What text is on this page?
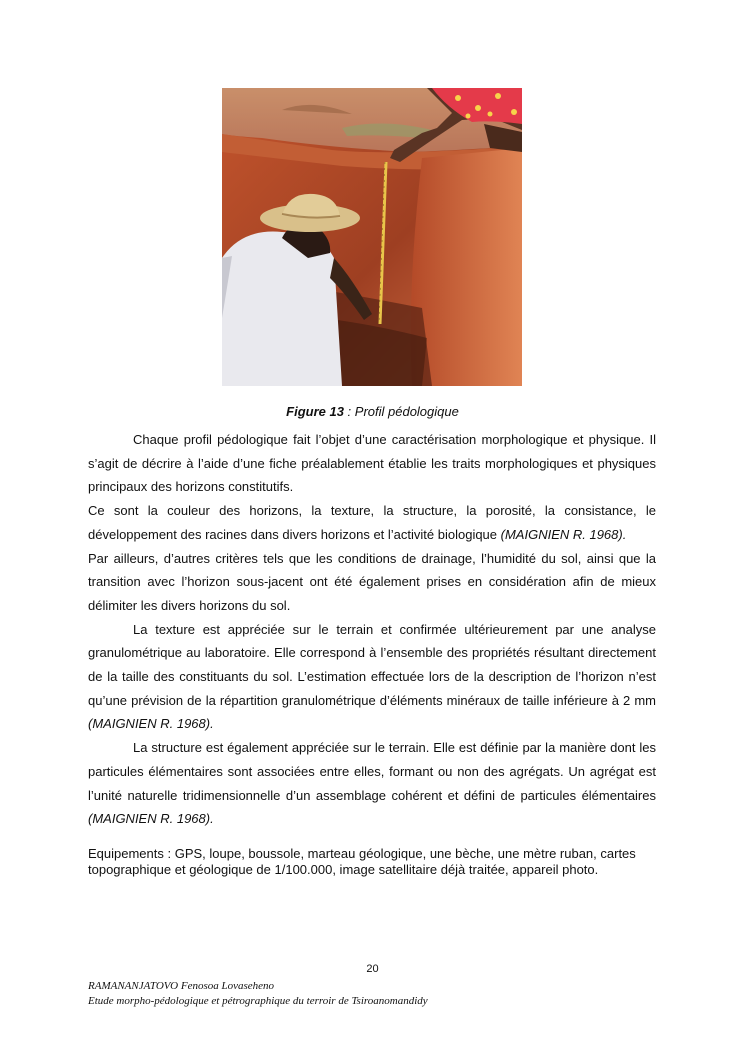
Figure 13 : Profil pédologique

Chaque profil pédologique fait l’objet d’une caractérisation morphologique et physique. Il s’agit de décrire à l’aide d’une fiche préalablement établie les traits morphologiques et physiques principaux des horizons constitutifs.

Ce sont la couleur des horizons, la texture, la structure, la porosité, la consistance, le développement des racines dans divers horizons et l’activité biologique (MAIGNIEN R. 1968).

Par ailleurs, d’autres critères tels que les conditions de drainage, l’humidité du sol, ainsi que la transition avec l’horizon sous-jacent ont été également prises en considération afin de mieux délimiter les divers horizons du sol.

La texture est appréciée sur le terrain et confirmée ultérieurement par une analyse granulométrique au laboratoire. Elle correspond à l’ensemble des propriétés résultant directement de la taille des constituants du sol. L’estimation effectuée lors de la description de l’horizon n’est qu’une prévision de la répartition granulométrique d’éléments minéraux de taille inférieure à 2 mm (MAIGNIEN R. 1968).

La structure est également appréciée sur le terrain. Elle est définie par la manière dont les particules élémentaires sont associées entre elles, formant ou non des agrégats. Un agrégat est l’unité naturelle tridimensionnelle d’un assemblage cohérent et défini de particules élémentaires (MAIGNIEN R. 1968).

Equipements : GPS, loupe, boussole, marteau géologique, une bèche, une mètre ruban, cartes topographique et géologique de 1/100.000, image satellitaire déjà traitée, appareil photo.
20
RAMANANJATOVO Fenosoa Lovaseheno
Etude morpho-pédologique et pétrographique du terroir de Tsiroanomandidy
